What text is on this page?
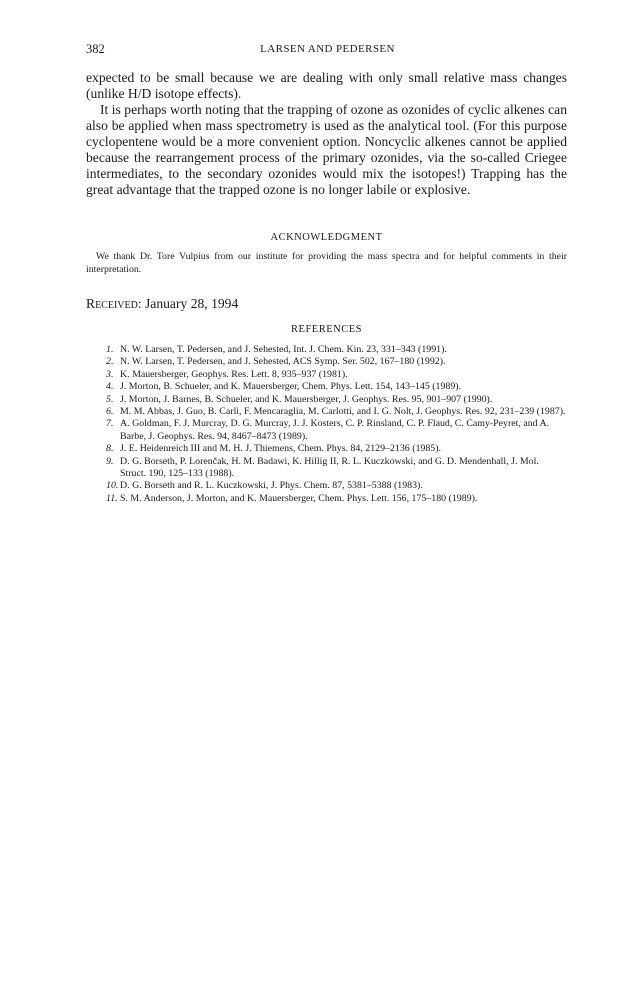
382	LARSEN AND PEDERSEN

expected to be small because we are dealing with only small relative mass changes (unlike H/D isotope effects).

It is perhaps worth noting that the trapping of ozone as ozonides of cyclic alkenes can also be applied when mass spectrometry is used as the analytical tool. (For this purpose cyclopentene would be a more convenient option. Noncyclic alkenes cannot be applied because the rearrangement process of the primary ozonides, via the so-called Criegee intermediates, to the secondary ozonides would mix the isotopes!) Trapping has the great advantage that the trapped ozone is no longer labile or explosive.

ACKNOWLEDGMENT
We thank Dr. Tore Vulpius from our institute for providing the mass spectra and for helpful comments in their interpretation.
Received: January 28, 1994
REFERENCES
1. N. W. Larsen, T. Pedersen, and J. Sehested, Int. J. Chem. Kin. 23, 331–343 (1991).
2. N. W. Larsen, T. Pedersen, and J. Sehested, ACS Symp. Ser. 502, 167–180 (1992).
3. K. Mauersberger, Geophys. Res. Lett. 8, 935–937 (1981).
4. J. Morton, B. Schueler, and K. Mauersberger, Chem. Phys. Lett. 154, 143–145 (1989).
5. J. Morton, J. Barnes, B. Schueler, and K. Mauersberger, J. Geophys. Res. 95, 901–907 (1990).
6. M. M. Abbas, J. Guo, B. Carli, F. Mencaraglia, M. Carlotti, and I. G. Nolt, J. Geophys. Res. 92, 231–239 (1987).
7. A. Goldman, F. J. Murcray, D. G. Murcray, J. J. Kosters, C. P. Rinsland, C. P. Flaud, C. Camy-Peyret, and A. Barbe, J. Geophys. Res. 94, 8467–8473 (1989).
8. J. E. Heidenreich III and M. H. J. Thiemens, Chem. Phys. 84, 2129–2136 (1985).
9. D. G. Borseth, P. Lorenčak, H. M. Badawi, K. Hillig II, R. L. Kuczkowski, and G. D. Mendenhall, J. Mol. Struct. 190, 125–133 (1988).
10. D. G. Borseth and R. L. Kuczkowski, J. Phys. Chem. 87, 5381–5388 (1983).
11. S. M. Anderson, J. Morton, and K. Mauersberger, Chem. Phys. Lett. 156, 175–180 (1989).
